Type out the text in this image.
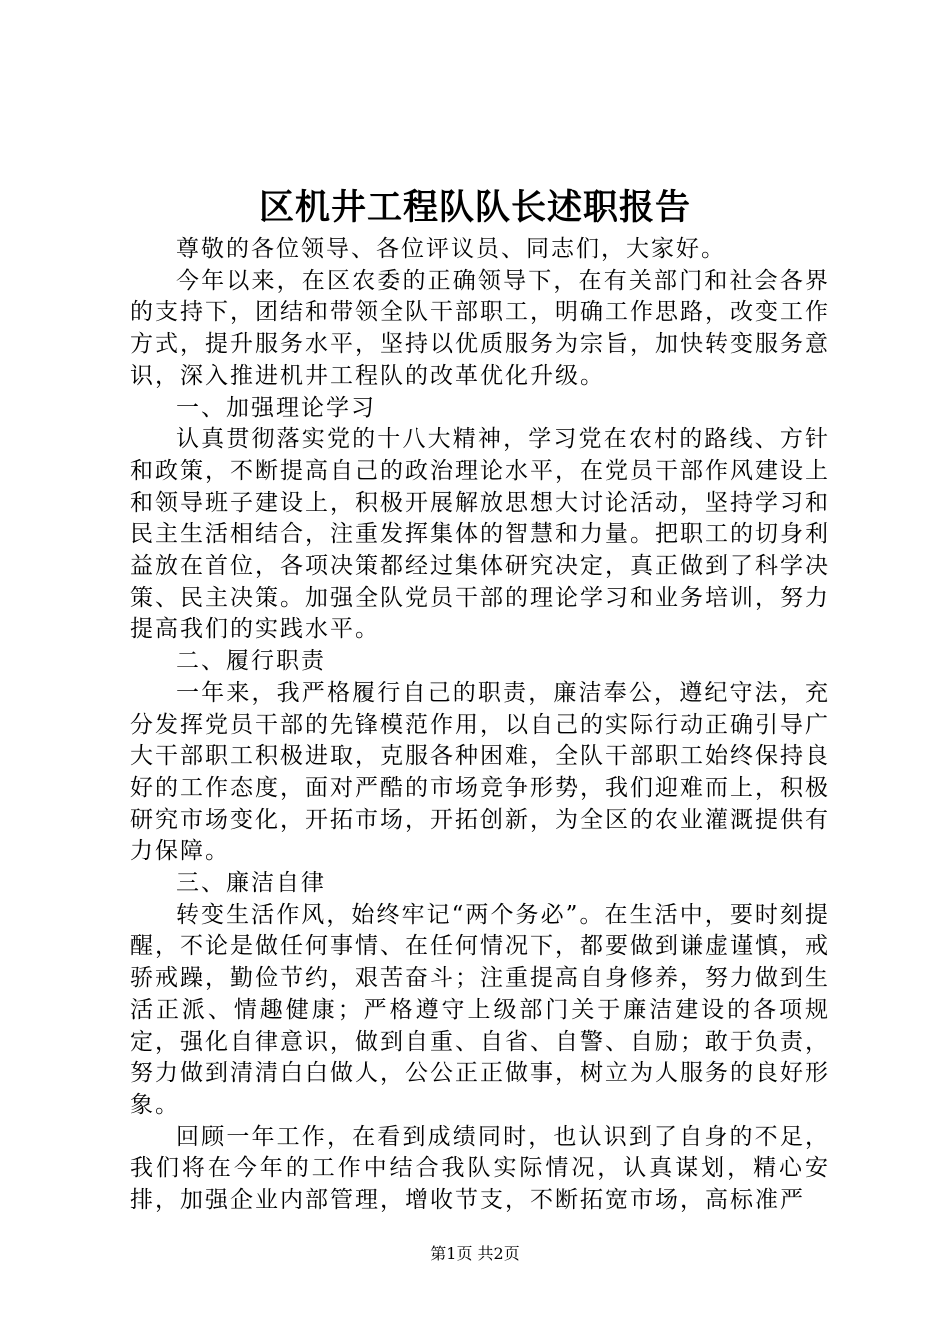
区机井工程队队长述职报告

尊敬的各位领导、各位评议员、同志们，大家好。

今年以来，在区农委的正确领导下，在有关部门和社会各界的支持下，团结和带领全队干部职工，明确工作思路，改变工作方式，提升服务水平，坚持以优质服务为宗旨，加快转变服务意识，深入推进机井工程队的改革优化升级。

一、加强理论学习

认真贯彻落实党的十八大精神，学习党在农村的路线、方针和政策，不断提高自己的政治理论水平，在党员干部作风建设上和领导班子建设上，积极开展解放思想大讨论活动，坚持学习和民主生活相结合，注重发挥集体的智慧和力量。把职工的切身利益放在首位，各项决策都经过集体研究决定，真正做到了科学决策、民主决策。加强全队党员干部的理论学习和业务培训，努力提高我们的实践水平。

二、履行职责

一年来，我严格履行自己的职责，廉洁奉公，遵纪守法，充分发挥党员干部的先锋模范作用，以自己的实际行动正确引导广大干部职工积极进取，克服各种困难，全队干部职工始终保持良好的工作态度，面对严酷的市场竞争形势，我们迎难而上，积极研究市场变化，开拓市场，开拓创新，为全区的农业灌溉提供有力保障。

三、廉洁自律

转变生活作风，始终牢记“两个务必”。在生活中，要时刻提醒，不论是做任何事情、在任何情况下，都要做到谦虚谨慎，戒骄戒躁，勤俭节约，艰苦奋斗；注重提高自身修养，努力做到生活正派、情趣健康；严格遵守上级部门关于廉洁建设的各项规定，强化自律意识，做到自重、自省、自警、自励；敢于负责，努力做到清清白白做人，公公正正做事，树立为人服务的良好形象。

回顾一年工作，在看到成绩同时，也认识到了自身的不足，我们将在今年的工作中结合我队实际情况，认真谋划，精心安排，加强企业内部管理，增收节支，不断拓宽市场，高标准严

第1页 共2页
